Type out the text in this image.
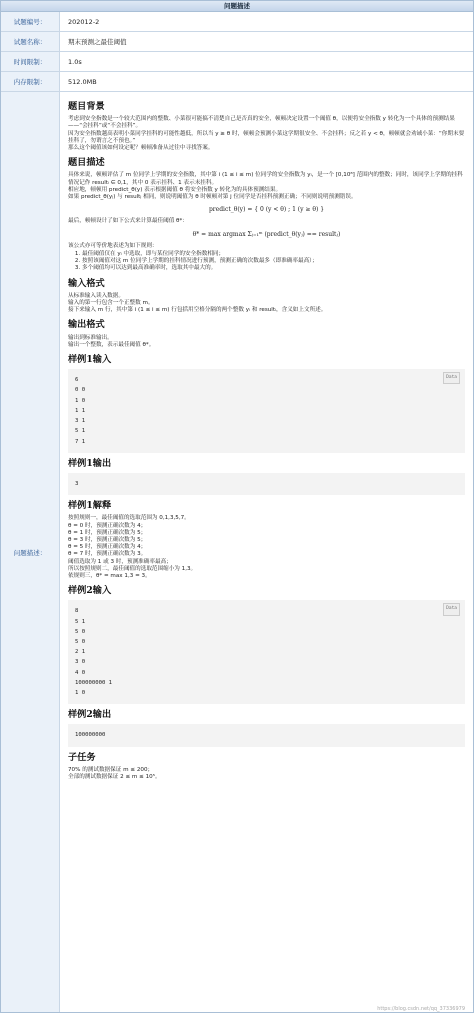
问题描述
试题编号：	202012-2
试题名称：	期末预测之最佳阈值
时间限制：	1.0s
内存限制：	512.0MB
问题描述：
题目背景

考虑到安全指数是一个较大范围内的整数、小菜很可能搞不清楚自己是否真的安全，顿顿决定设置一个阈值 θ，以便将安全指数 y 转化为一个具体的预测结果——“会挂科”或“不会挂科”。

因为安全指数越高表明小菜同学挂科的可能性越低，所以当 y ≥ θ 时，顿顿会预测小菜这学期很安全、不会挂科；反之若 y < θ，顿顿就会劝诫小菜：“你期末要挂科了，勿谓言之不预也。”

那么这个阈值该如何设定呢？顿顿准备从过往中寻找答案。

题目描述

具体来说，顿顿评估了 m 位同学上学期的安全指数，其中第 i (1 ≤ i ≤ m) 位同学的安全指数为 yᵢ，是一个 [0,10⁸] 范围内的整数；同时，该同学上学期的挂科情况记作 resultᵢ ∈ 0,1，其中 0 表示挂科、1 表示未挂科。

相应地，顿顿用 predict_θ(y) 表示根据阈值 θ 将安全指数 y 转化为的具体预测结果。

如果 predict_θ(yⱼ) 与 resultⱼ 相同，则说明阈值为 θ 时顿顿对第 j 位同学是否挂科预测正确；不同则说明预测错误。

predict_θ(y) = { 0 (y < θ) ; 1 (y ≥ θ) }

最后，顿顿设计了如下公式来计算最佳阈值 θ*：

θ* = max argmax Σⱼ₌₁ᵐ (predict_θ(yⱼ) == resultⱼ)

该公式亦可等价地表述为如下规则：

1. 最佳阈值仅在 yᵢ 中选取，即与某位同学的安全指数相同；
2. 按照该阈值对这 m 位同学上学期的挂科情况进行预测，预测正确的次数最多（即准确率最高）；
3. 多个阈值均可以达到最高准确率时，选取其中最大的。
输入格式

从标准输入读入数据。

输入的第一行包含一个正整数 m。

接下来输入 m 行，其中第 i (1 ≤ i ≤ m) 行包括用空格分隔的两个整数 yᵢ 和 resultᵢ，含义如上文所述。

输出格式

输出到标准输出。

输出一个整数，表示最佳阈值 θ*。

样例1输入
Data
6
0 0
1 0
1 1
3 1
5 1
7 1
样例1输出
3
样例1解释

按照规则一，最佳阈值的选取范围为 0,1,3,5,7。

θ = 0 时，预测正确次数为 4；

θ = 1 时，预测正确次数为 5；

θ = 3 时，预测正确次数为 5；

θ = 5 时，预测正确次数为 4；

θ = 7 时，预测正确次数为 3。

阈值选取为 1 或 3 时，预测准确率最高；

所以按照规则二，最佳阈值的选取范围缩小为 1,3。

依规则三，θ* = max 1,3 = 3。

样例2输入
Data
8
5 1
5 0
5 0
2 1
3 0
4 0
100000000 1
1 0
样例2输出
100000000
子任务

70% 的测试数据保证 m ≤ 200；

全部的测试数据保证 2 ≤ m ≤ 10⁵。

https://blog.csdn.net/qq_37336979
